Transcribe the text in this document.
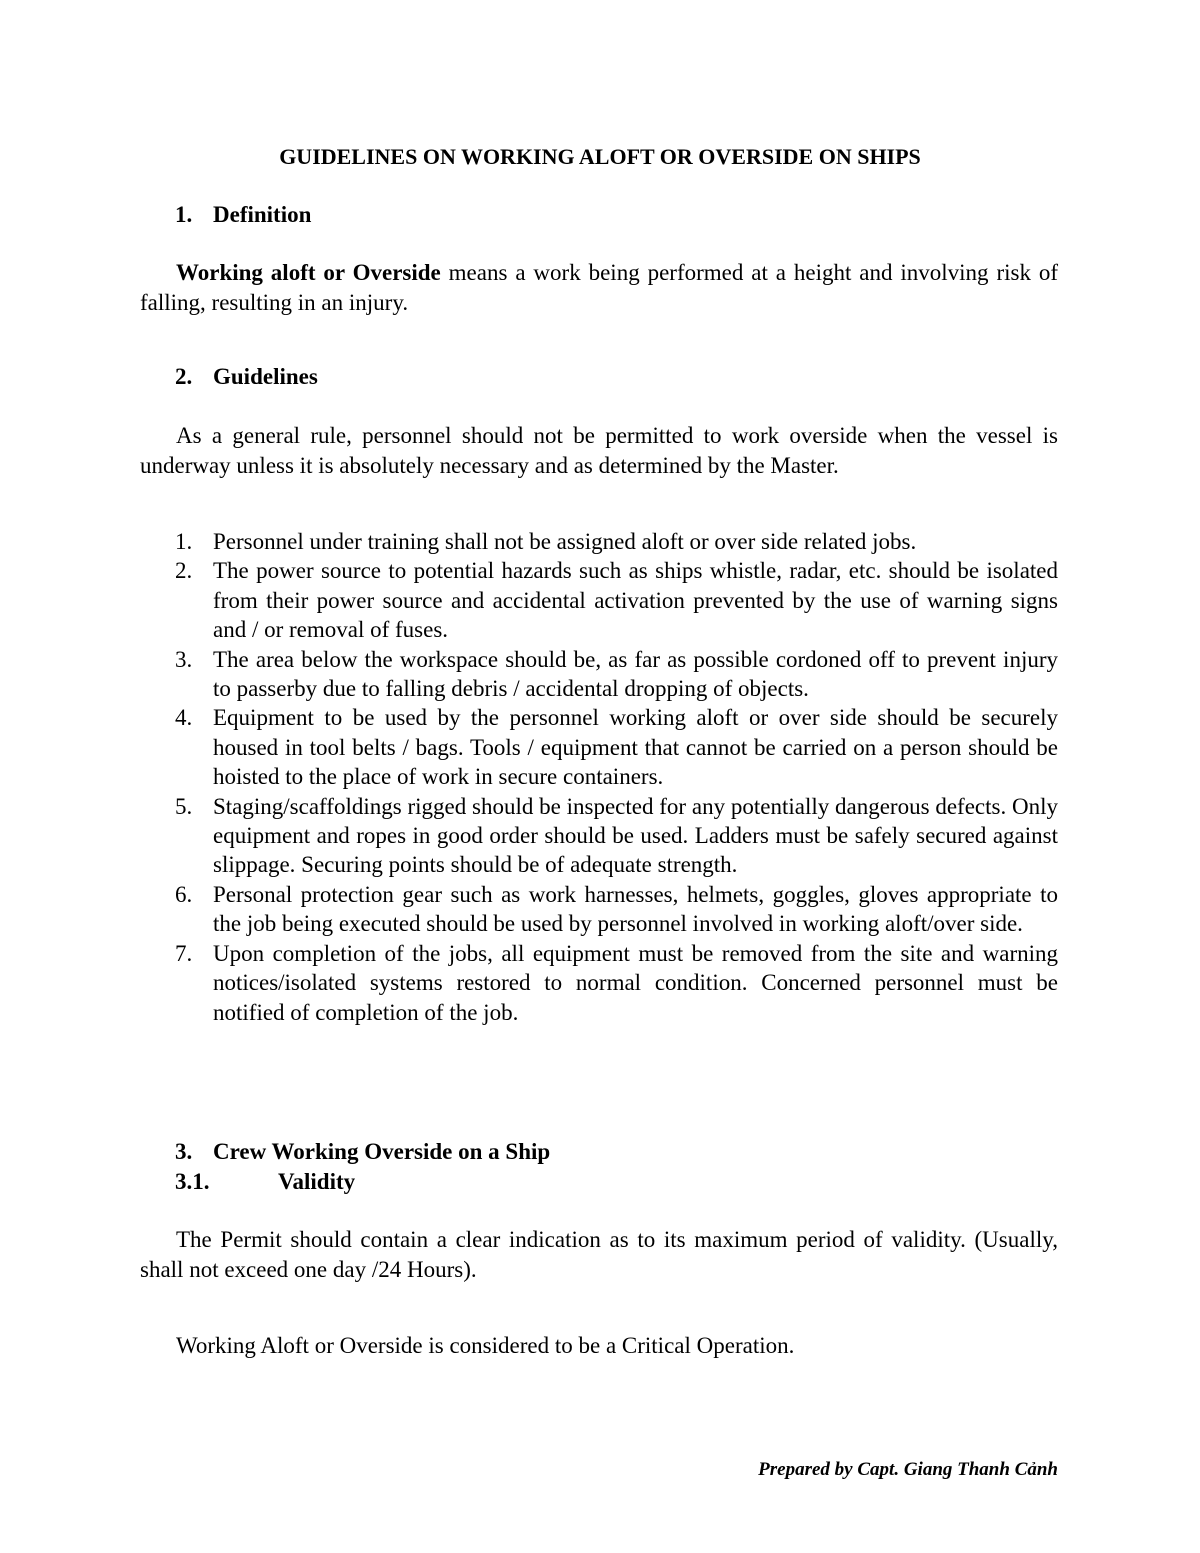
GUIDELINES ON WORKING ALOFT OR OVERSIDE ON SHIPS
1. Definition

Working aloft or Overside means a work being performed at a height and involving risk of falling, resulting in an injury.

2. Guidelines

As a general rule, personnel should not be permitted to work overside when the vessel is underway unless it is absolutely necessary and as determined by the Master.

1. Personnel under training shall not be assigned aloft or over side related jobs.
2. The power source to potential hazards such as ships whistle, radar, etc. should be isolated from their power source and accidental activation prevented by the use of warning signs and / or removal of fuses.
3. The area below the workspace should be, as far as possible cordoned off to prevent injury to passerby due to falling debris / accidental dropping of objects.
4. Equipment to be used by the personnel working aloft or over side should be securely housed in tool belts / bags. Tools / equipment that cannot be carried on a person should be hoisted to the place of work in secure containers.
5. Staging/scaffoldings rigged should be inspected for any potentially dangerous defects. Only equipment and ropes in good order should be used. Ladders must be safely secured against slippage. Securing points should be of adequate strength.
6. Personal protection gear such as work harnesses, helmets, goggles, gloves appropriate to the job being executed should be used by personnel involved in working aloft/over side.
7. Upon completion of the jobs, all equipment must be removed from the site and warning notices/isolated systems restored to normal condition. Concerned personnel must be notified of completion of the job.
3. Crew Working Overside on a Ship
3.1.	Validity

The Permit should contain a clear indication as to its maximum period of validity. (Usually, shall not exceed one day /24 Hours).

Working Aloft or Overside is considered to be a Critical Operation.

Prepared by Capt. Giang Thanh Cảnh
